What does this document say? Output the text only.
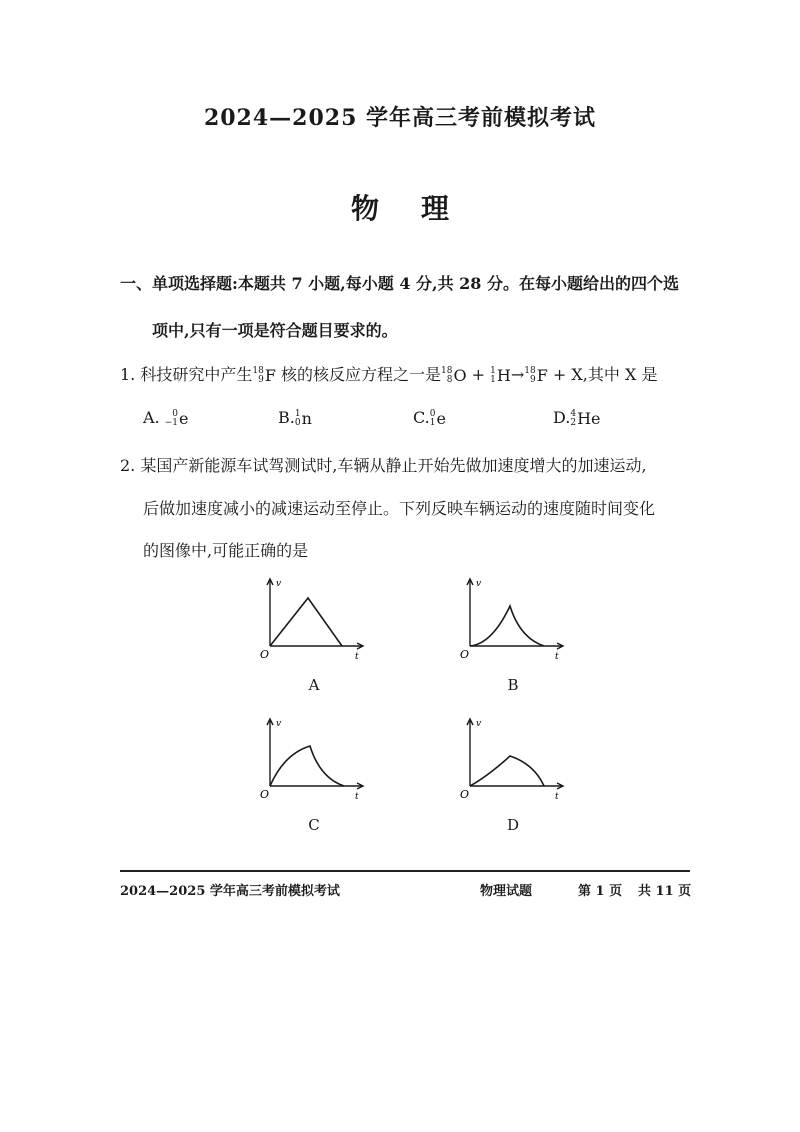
2024—2025 学年高三考前模拟考试
物 理
一、单项选择题:本题共 7 小题,每小题 4 分,共 28 分。在每小题给出的四个选
项中,只有一项是符合题目要求的。
1. 科技研究中产生 18
9 F 核的核反应方程之一是 18
8 O + 1
1 H → 18
9 F + X,其中 X 是
A.	0
−1 e	B. 1
0 n	C. 0
1 e	D. 4
2 He
2. 某国产新能源车试驾测试时,车辆从静止开始先做加速度增大的加速运动,
后做加速度减小的减速运动至停止。下列反映车辆运动的速度随时间变化
的图像中,可能正确的是
v
O	t
A
v
O	t
B
v
O	t
C
v
O	t
D
2024—2025 学年高三考前模拟考试	物理试题	第 1 页 共 11 页
